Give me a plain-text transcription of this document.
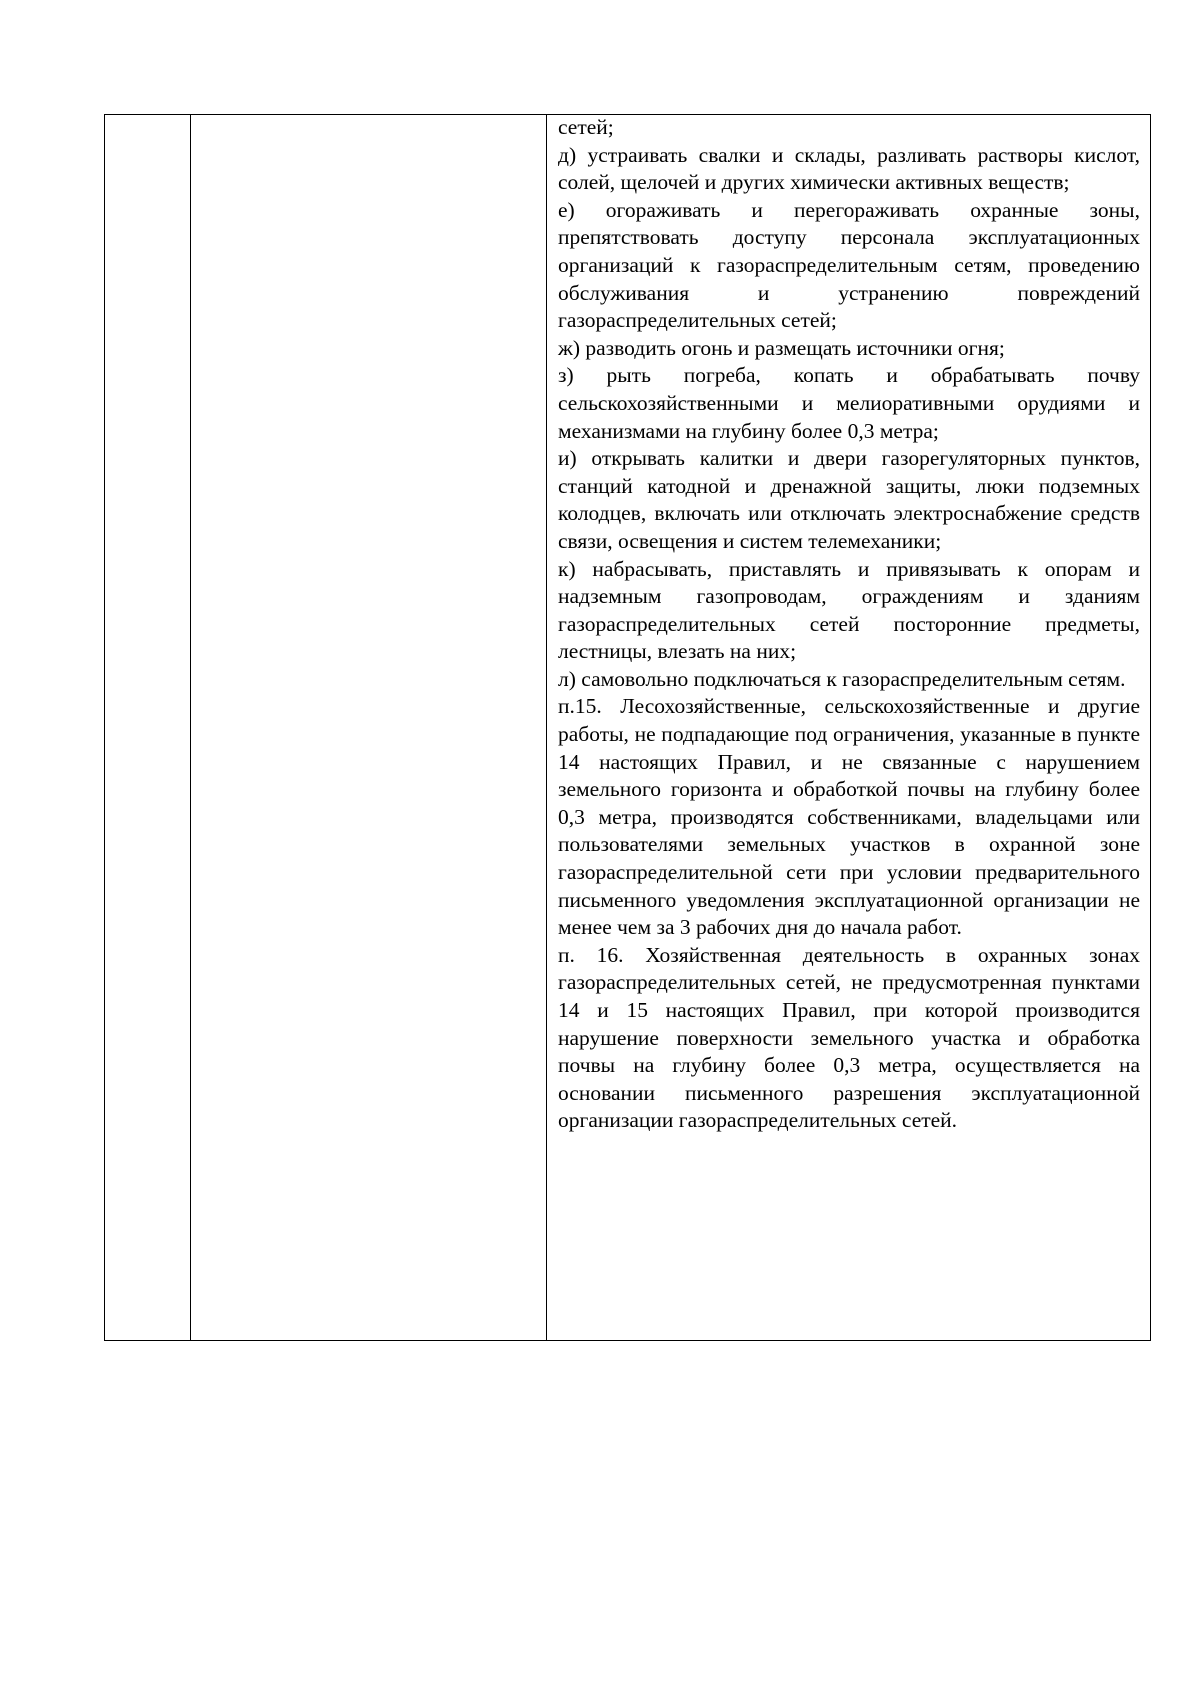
сетей;

д) устраивать свалки и склады, разливать растворы кислот, солей, щелочей и других химически активных веществ;

е) огораживать и перегораживать охранные зоны, препятствовать доступу персонала эксплуатационных организаций к газораспределительным сетям, проведению обслуживания и устранению повреждений газораспределительных сетей;

ж) разводить огонь и размещать источники огня;

з) рыть погреба, копать и обрабатывать почву сельскохозяйственными и мелиоративными орудиями и механизмами на глубину более 0,3 метра;

и) открывать калитки и двери газорегуляторных пунктов, станций катодной и дренажной защиты, люки подземных колодцев, включать или отключать электроснабжение средств связи, освещения и систем телемеханики;

к) набрасывать, приставлять и привязывать к опорам и надземным газопроводам, ограждениям и зданиям газораспределительных сетей посторонние предметы, лестницы, влезать на них;

л) самовольно подключаться к газораспределительным сетям.

п.15. Лесохозяйственные, сельскохозяйственные и другие работы, не подпадающие под ограничения, указанные в пункте 14 настоящих Правил, и не связанные с нарушением земельного горизонта и обработкой почвы на глубину более 0,3 метра, производятся собственниками, владельцами или пользователями земельных участков в охранной зоне газораспределительной сети при условии предварительного письменного уведомления эксплуатационной организации не менее чем за 3 рабочих дня до начала работ.

п. 16. Хозяйственная деятельность в охранных зонах газораспределительных сетей, не предусмотренная пунктами 14 и 15 настоящих Правил, при которой производится нарушение поверхности земельного участка и обработка почвы на глубину более 0,3 метра, осуществляется на основании письменного разрешения эксплуатационной организации газораспределительных сетей.
